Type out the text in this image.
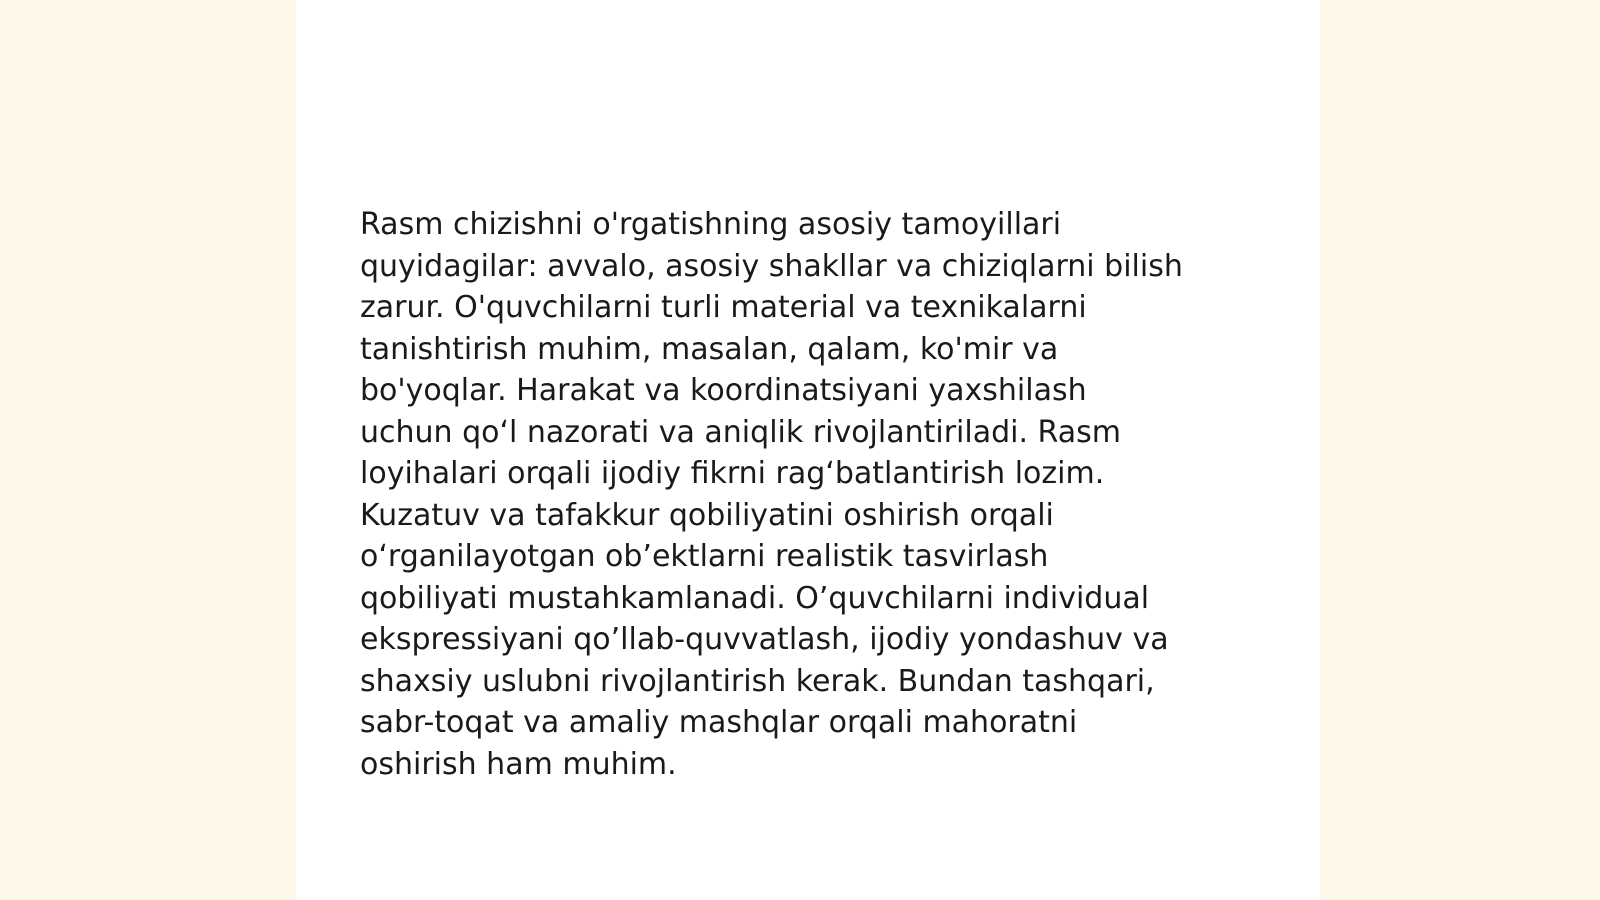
Rasm chizishni o'rgatishning asosiy tamoyillari
quyidagilar: avvalo, asosiy shakllar va chiziqlarni bilish
zarur. O'quvchilarni turli material va texnikalarni
tanishtirish muhim, masalan, qalam, ko'mir va
bo'yoqlar. Harakat va koordinatsiyani yaxshilash
uchun qo‘l nazorati va aniqlik rivojlantiriladi. Rasm
loyihalari orqali ijodiy fikrni rag‘batlantirish lozim.
Kuzatuv va tafakkur qobiliyatini oshirish orqali
o‘rganilayotgan ob’ektlarni realistik tasvirlash
qobiliyati mustahkamlanadi. O’quvchilarni individual
ekspressiyani qo’llab-quvvatlash, ijodiy yondashuv va
shaxsiy uslubni rivojlantirish kerak. Bundan tashqari,
sabr-toqat va amaliy mashqlar orqali mahoratni
oshirish ham muhim.
